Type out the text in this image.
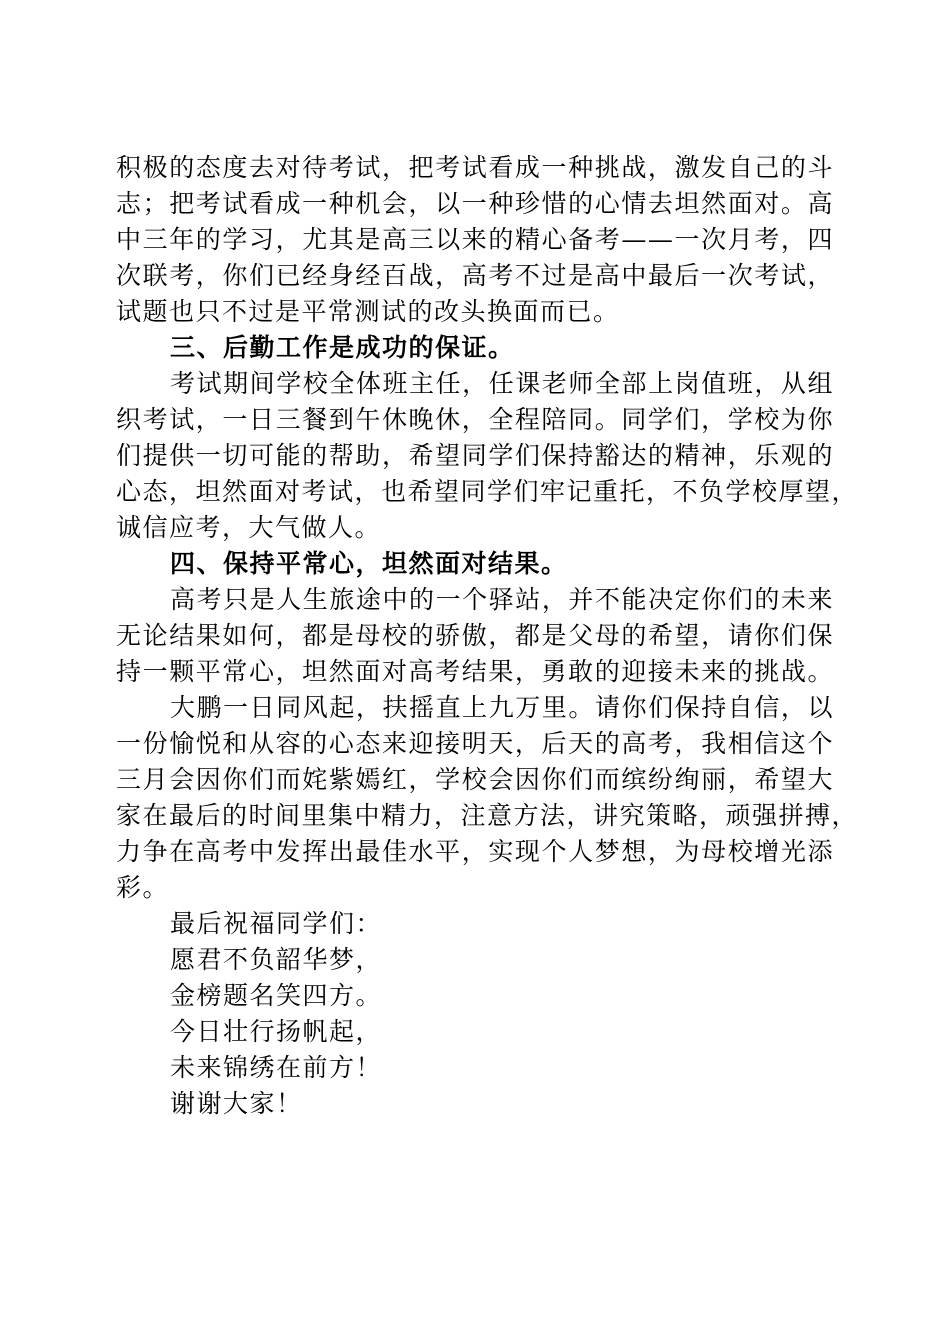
积极的态度去对待考试，把考试看成一种挑战，激发自己的斗
志；把考试看成一种机会，以一种珍惜的心情去坦然面对。高
中三年的学习，尤其是高三以来的精心备考——一次月考，四
次联考，你们已经身经百战，高考不过是高中最后一次考试，
试题也只不过是平常测试的改头换面而已。
三、后勤工作是成功的保证。
考试期间学校全体班主任，任课老师全部上岗值班，从组
织考试，一日三餐到午休晚休，全程陪同。同学们，学校为你
们提供一切可能的帮助，希望同学们保持豁达的精神，乐观的
心态，坦然面对考试，也希望同学们牢记重托，不负学校厚望，
诚信应考，大气做人。
四、保持平常心，坦然面对结果。
高考只是人生旅途中的一个驿站，并不能决定你们的未来
无论结果如何，都是母校的骄傲，都是父母的希望，请你们保
持一颗平常心，坦然面对高考结果，勇敢的迎接未来的挑战。
大鹏一日同风起，扶摇直上九万里。请你们保持自信，以
一份愉悦和从容的心态来迎接明天，后天的高考，我相信这个
三月会因你们而姹紫嫣红，学校会因你们而缤纷绚丽，希望大
家在最后的时间里集中精力，注意方法，讲究策略，顽强拼搏，
力争在高考中发挥出最佳水平，实现个人梦想，为母校增光添
彩。
最后祝福同学们：
愿君不负韶华梦，
金榜题名笑四方。
今日壮行扬帆起，
未来锦绣在前方！
谢谢大家！
